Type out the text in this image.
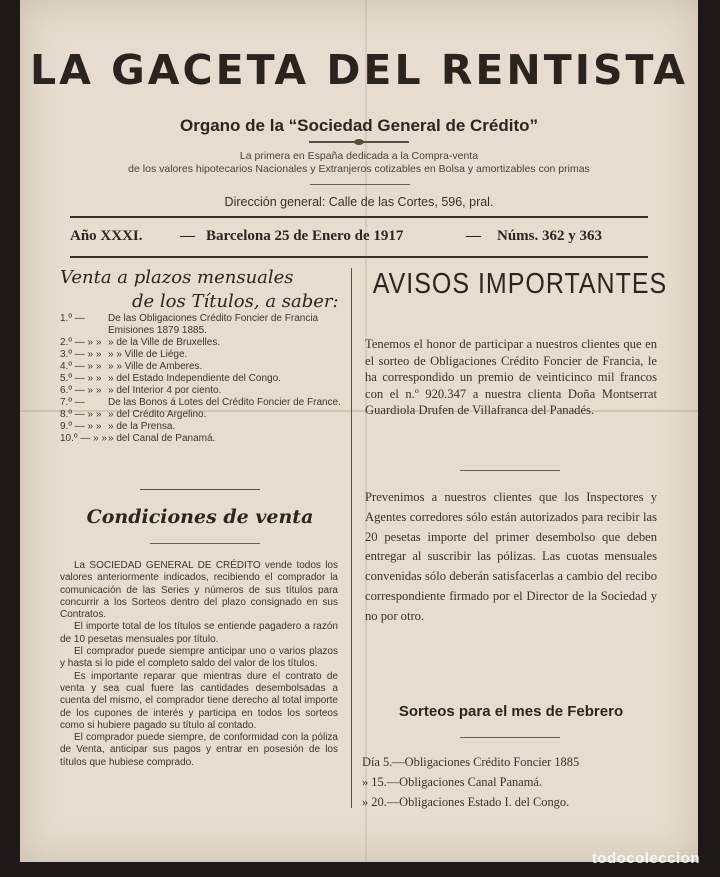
LA GACETA DEL RENTISTA
Organo de la “Sociedad General de Crédito”
La primera en España dedicada a la Compra-venta
de los valores hipotecarios Nacionales y Extranjeros cotizables en Bolsa y amortizables con primas
Dirección general: Calle de las Cortes, 596, pral.
Año XXXI. — Barcelona 25 de Enero de 1917	— Núms. 362 y 363
Venta a plazos mensuales
de los Títulos, a saber:
1.º —	De las Obligaciones Crédito Foncier de Francia Emisiones 1879 1885.
2.º — » » » de la Ville de Bruxelles.
3.º — » » » » Ville de Liége.
4.º — » » » » Ville de Amberes.
5.º — » » » del Estado Independiente del Congo.
6.º — » » » del Interior 4 por ciento.
7.º —	De las Bonos á Lotes del Crédito Foncier de France.
8.º — » » » del Crédito Argelino.
9.º — » » » de la Prensa.
10.º — » » » del Canal de Panamá.
Condiciones de venta

La SOCIEDAD GENERAL DE CRÉDITO vende todos los valores anteriormente indicados, recibiendo el comprador la comunicación de las Series y números de sus títulos para concurrir a los Sorteos dentro del plazo consignado en sus Contratos.

El importe total de los títulos se entiende pagadero a razón de 10 pesetas mensuales por título.

El comprador puede siempre anticipar uno o varios plazos y hasta si lo pide el completo saldo del valor de los títulos.

Es importante reparar que mientras dure el contrato de venta y sea cual fuere las cantidades desembolsadas a cuenta del mismo, el comprador tiene derecho al total importe de los cupones de interés y participa en todos los sorteos como si hubiere pagado su título al contado.

El comprador puede siempre, de conformidad con la póliza de Venta, anticipar sus pagos y entrar en posesión de los títulos que hubiese comprado.

AVISOS IMPORTANTES
Tenemos el honor de participar a nuestros clientes que en el sorteo de Obligaciones Crédito Foncier de Francia, le ha correspondido un premio de veinticinco mil francos con el n.º 920.347 a nuestra clienta Doña Montserrat Guardiola Drufen de Villafranca del Panadés.
Prevenimos a nuestros clientes que los Inspectores y Agentes corredores sólo están autorizados para recibir las 20 pesetas importe del primer desembolso que deben entregar al suscribir las pólizas. Las cuotas mensuales convenidas sólo deberán satisfacerlas a cambio del recibo correspondiente firmado por el Director de la Sociedad y no por otro.
Sorteos para el mes de Febrero
Día 5.—Obligaciones Crédito Foncier 1885
» 15.—Obligaciones Canal Panamá.
» 20.—Obligaciones Estado I. del Congo.
todocoleccion
